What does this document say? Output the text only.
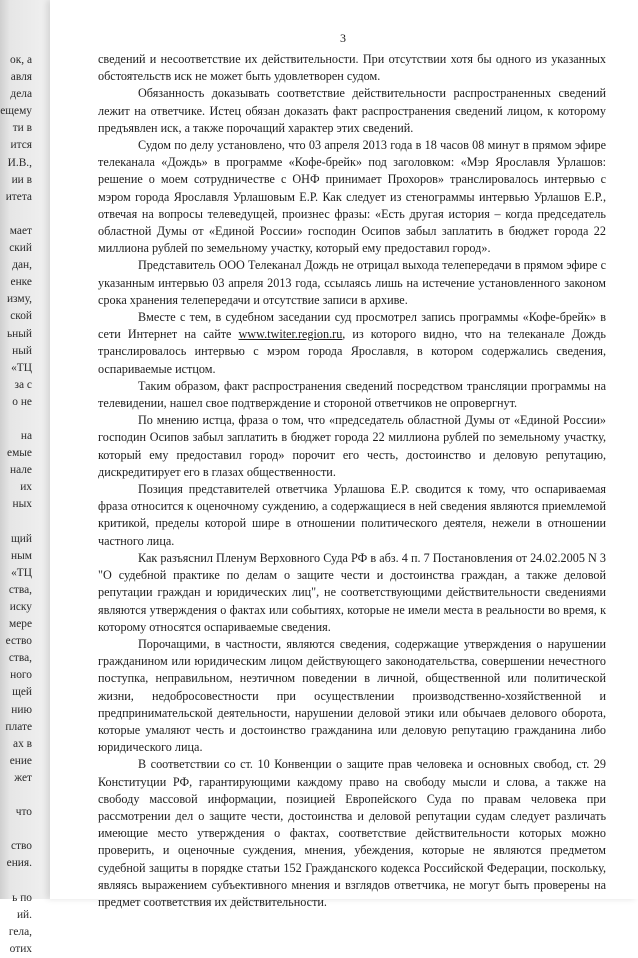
ок, а
авля
дела
ещему
ти в
ится
И.В.,
ии в
итета
мает
ский
дан,
енке
изму,
ской
ьный
ный
«ТЦ
за с
о не
на
емые
нале
их
ных
щий
ным
«ТЦ
ства,
иску
мере
ество
ства,
ного
щей
нию
плате
ах в
ение
жет
что
ство
ения.
ь по
ий.
гела,
отих
3

сведений и несоответствие их действительности. При отсутствии хотя бы одного из указанных обстоятельств иск не может быть удовлетворен судом.

Обязанность доказывать соответствие действительности распространенных сведений лежит на ответчике. Истец обязан доказать факт распространения сведений лицом, к которому предъявлен иск, а также порочащий характер этих сведений.

Судом по делу установлено, что 03 апреля 2013 года в 18 часов 08 минут в прямом эфире телеканала «Дождь» в программе «Кофе-брейк» под заголовком: «Мэр Ярославля Урлашов: решение о моем сотрудничестве с ОНФ принимает Прохоров» транслировалось интервью с мэром города Ярославля Урлашовым Е.Р. Как следует из стенограммы интервью Урлашов Е.Р., отвечая на вопросы телеведущей, произнес фразы: «Есть другая история – когда председатель областной Думы от «Единой России» господин Осипов забыл заплатить в бюджет города 22 миллиона рублей по земельному участку, который ему предоставил город».

Представитель ООО Телеканал Дождь не отрицал выхода телепередачи в прямом эфире с указанным интервью 03 апреля 2013 года, ссылаясь лишь на истечение установленного законом срока хранения телепередачи и отсутствие записи в архиве.

Вместе с тем, в судебном заседании суд просмотрел запись программы «Кофе-брейк» в сети Интернет на сайте www.twiter.region.ru, из которого видно, что на телеканале Дождь транслировалось интервью с мэром города Ярославля, в котором содержались сведения, оспариваемые истцом.

Таким образом, факт распространения сведений посредством трансляции программы на телевидении, нашел свое подтверждение и стороной ответчиков не опровергнут.

По мнению истца, фраза о том, что «председатель областной Думы от «Единой России» господин Осипов забыл заплатить в бюджет города 22 миллиона рублей по земельному участку, который ему предоставил город» порочит его честь, достоинство и деловую репутацию, дискредитирует его в глазах общественности.

Позиция представителей ответчика Урлашова Е.Р. сводится к тому, что оспариваемая фраза относится к оценочному суждению, а содержащиеся в ней сведения являются приемлемой критикой, пределы которой шире в отношении политического деятеля, нежели в отношении частного лица.

Как разъяснил Пленум Верховного Суда РФ в абз. 4 п. 7 Постановления от 24.02.2005 N 3 "О судебной практике по делам о защите чести и достоинства граждан, а также деловой репутации граждан и юридических лиц", не соответствующими действительности сведениями являются утверждения о фактах или событиях, которые не имели места в реальности во время, к которому относятся оспариваемые сведения.

Порочащими, в частности, являются сведения, содержащие утверждения о нарушении гражданином или юридическим лицом действующего законодательства, совершении нечестного поступка, неправильном, неэтичном поведении в личной, общественной или политической жизни, недобросовестности при осуществлении производственно-хозяйственной и предпринимательской деятельности, нарушении деловой этики или обычаев делового оборота, которые умаляют честь и достоинство гражданина или деловую репутацию гражданина либо юридического лица.

В соответствии со ст. 10 Конвенции о защите прав человека и основных свобод, ст. 29 Конституции РФ, гарантирующими каждому право на свободу мысли и слова, а также на свободу массовой информации, позицией Европейского Суда по правам человека при рассмотрении дел о защите чести, достоинства и деловой репутации судам следует различать имеющие место утверждения о фактах, соответствие действительности которых можно проверить, и оценочные суждения, мнения, убеждения, которые не являются предметом судебной защиты в порядке статьи 152 Гражданского кодекса Российской Федерации, поскольку, являясь выражением субъективного мнения и взглядов ответчика, не могут быть проверены на предмет соответствия их действительности.
